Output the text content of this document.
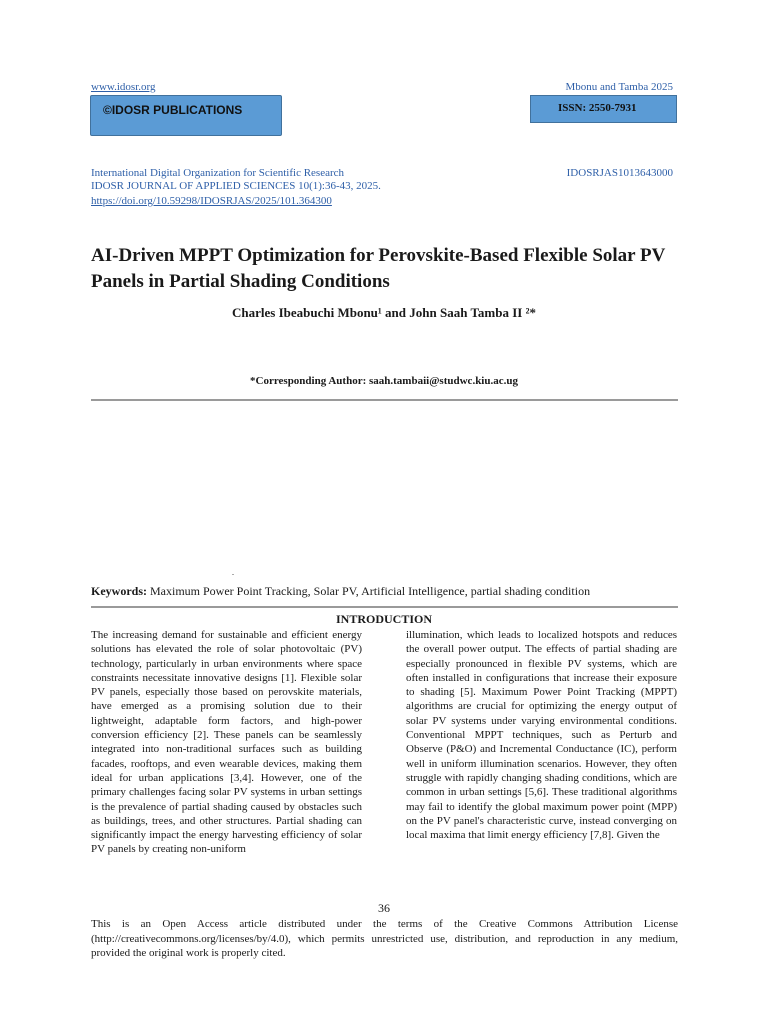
www.idosr.org	Mbonu and Tamba 2025
©IDOSR PUBLICATIONS	ISSN: 2550-7931
International Digital Organization for Scientific Research	IDOSRJAS1013643000
IDOSR JOURNAL OF APPLIED SCIENCES 10(1):36-43, 2025.
https://doi.org/10.59298/IDOSRJAS/2025/101.364300
AI-Driven MPPT Optimization for Perovskite-Based Flexible Solar PV Panels in Partial Shading Conditions
Charles Ibeabuchi Mbonu¹ and John Saah Tamba II ²*
*Corresponding Author: saah.tambaii@studwc.kiu.ac.ug
.
Keywords: Maximum Power Point Tracking, Solar PV, Artificial Intelligence, partial shading condition
INTRODUCTION
The increasing demand for sustainable and efficient energy solutions has elevated the role of solar photovoltaic (PV) technology, particularly in urban environments where space constraints necessitate innovative designs [1]. Flexible solar PV panels, especially those based on perovskite materials, have emerged as a promising solution due to their lightweight, adaptable form factors, and high-power conversion efficiency [2]. These panels can be seamlessly integrated into non-traditional surfaces such as building facades, rooftops, and even wearable devices, making them ideal for urban applications [3,4]. However, one of the primary challenges facing solar PV systems in urban settings is the prevalence of partial shading caused by obstacles such as buildings, trees, and other structures. Partial shading can significantly impact the energy harvesting efficiency of solar PV panels by creating non-uniform
illumination, which leads to localized hotspots and reduces the overall power output. The effects of partial shading are especially pronounced in flexible PV systems, which are often installed in configurations that increase their exposure to shading [5]. Maximum Power Point Tracking (MPPT) algorithms are crucial for optimizing the energy output of solar PV systems under varying environmental conditions. Conventional MPPT techniques, such as Perturb and Observe (P&O) and Incremental Conductance (IC), perform well in uniform illumination scenarios. However, they often struggle with rapidly changing shading conditions, which are common in urban settings [5,6]. These traditional algorithms may fail to identify the global maximum power point (MPP) on the PV panel's characteristic curve, instead converging on local maxima that limit energy efficiency [7,8]. Given the
36
This is an Open Access article distributed under the terms of the Creative Commons Attribution License (http://creativecommons.org/licenses/by/4.0), which permits unrestricted use, distribution, and reproduction in any medium, provided the original work is properly cited.
